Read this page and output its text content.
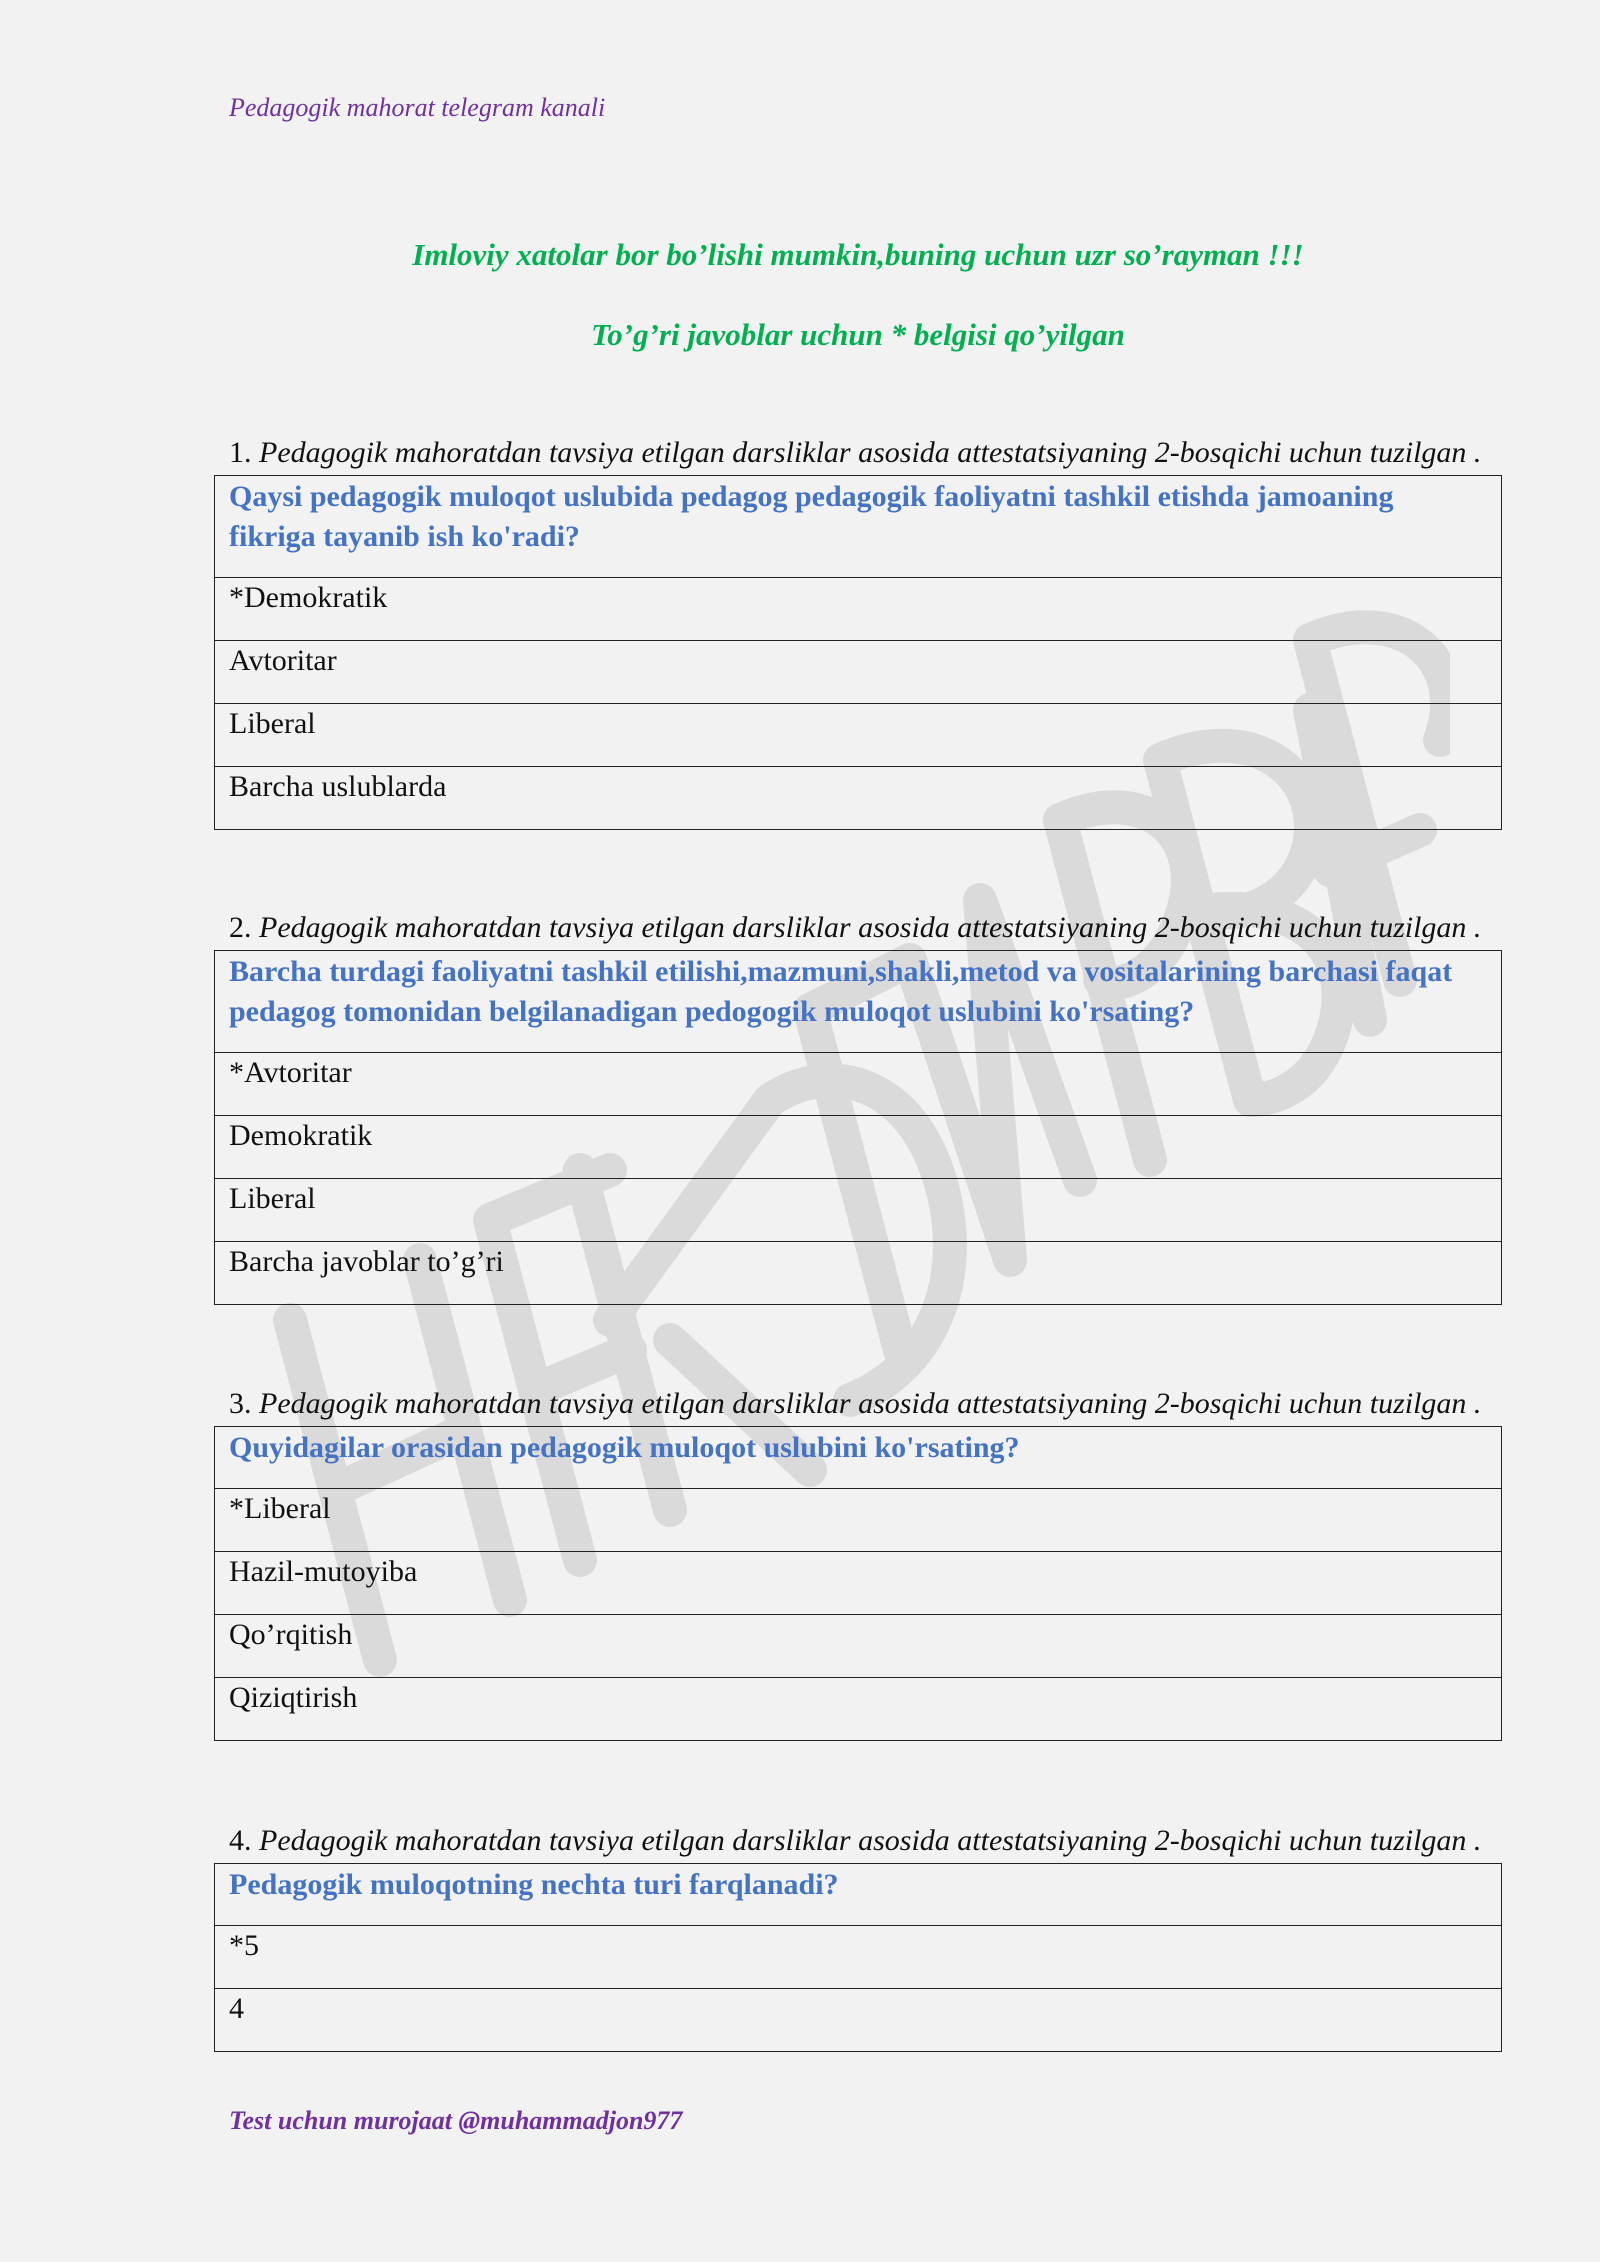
Pedagogik mahorat telegram kanali
Imloviy xatolar bor bo’lishi mumkin,buning uchun uzr so’rayman !!!
To’g’ri javoblar uchun * belgisi qo’yilgan
1. Pedagogik mahoratdan tavsiya etilgan darsliklar asosida attestatsiyaning 2-bosqichi uchun tuzilgan .
Qaysi pedagogik muloqot uslubida pedagog pedagogik faoliyatni tashkil etishda jamoaning fikriga tayanib ish ko'radi?
*Demokratik
Avtoritar
Liberal
Barcha uslublarda
2. Pedagogik mahoratdan tavsiya etilgan darsliklar asosida attestatsiyaning 2-bosqichi uchun tuzilgan .
Barcha turdagi faoliyatni tashkil etilishi,mazmuni,shakli,metod va vositalarining barchasi faqat pedagog tomonidan belgilanadigan pedogogik muloqot uslubini ko'rsating?
*Avtoritar
Demokratik
Liberal
Barcha javoblar to’g’ri
3. Pedagogik mahoratdan tavsiya etilgan darsliklar asosida attestatsiyaning 2-bosqichi uchun tuzilgan .
Quyidagilar orasidan pedagogik muloqot uslubini ko'rsating?
*Liberal
Hazil-mutoyiba
Qo’rqitish
Qiziqtirish
4. Pedagogik mahoratdan tavsiya etilgan darsliklar asosida attestatsiyaning 2-bosqichi uchun tuzilgan .
Pedagogik muloqotning nechta turi farqlanadi?
*5
4
Test uchun murojaat @muhammadjon977
